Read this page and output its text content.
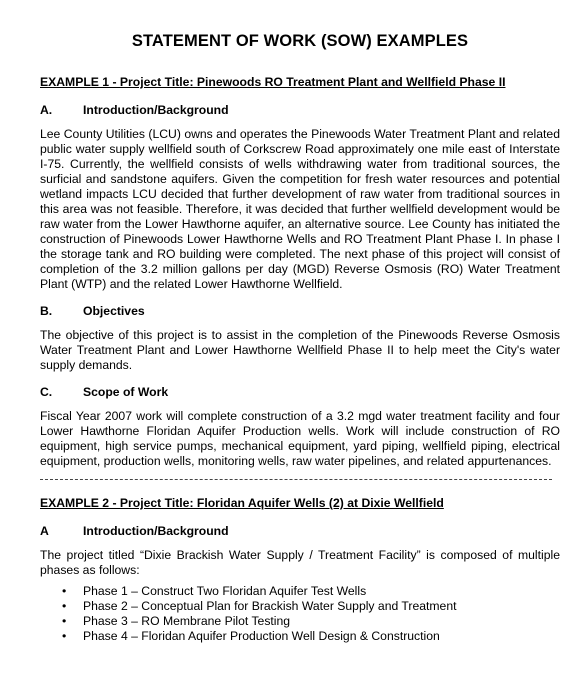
STATEMENT OF WORK (SOW) EXAMPLES
EXAMPLE 1 - Project Title: Pinewoods RO Treatment Plant and Wellfield Phase II
A.	Introduction/Background

Lee County Utilities (LCU) owns and operates the Pinewoods Water Treatment Plant and related public water supply wellfield south of Corkscrew Road approximately one mile east of Interstate I-75. Currently, the wellfield consists of wells withdrawing water from traditional sources, the surficial and sandstone aquifers. Given the competition for fresh water resources and potential wetland impacts LCU decided that further development of raw water from traditional sources in this area was not feasible. Therefore, it was decided that further wellfield development would be raw water from the Lower Hawthorne aquifer, an alternative source. Lee County has initiated the construction of Pinewoods Lower Hawthorne Wells and RO Treatment Plant Phase I. In phase I the storage tank and RO building were completed. The next phase of this project will consist of completion of the 3.2 million gallons per day (MGD) Reverse Osmosis (RO) Water Treatment Plant (WTP) and the related Lower Hawthorne Wellfield.

B.	Objectives

The objective of this project is to assist in the completion of the Pinewoods Reverse Osmosis Water Treatment Plant and Lower Hawthorne Wellfield Phase II to help meet the City's water supply demands.

C.	Scope of Work

Fiscal Year 2007 work will complete construction of a 3.2 mgd water treatment facility and four Lower Hawthorne Floridan Aquifer Production wells. Work will include construction of RO equipment, high service pumps, mechanical equipment, yard piping, wellfield piping, electrical equipment, production wells, monitoring wells, raw water pipelines, and related appurtenances.

EXAMPLE 2 - Project Title: Floridan Aquifer Wells (2) at Dixie Wellfield
A	Introduction/Background

The project titled “Dixie Brackish Water Supply / Treatment Facility” is composed of multiple phases as follows:

•	Phase 1 – Construct Two Floridan Aquifer Test Wells
•	Phase 2 – Conceptual Plan for Brackish Water Supply and Treatment
•	Phase 3 – RO Membrane Pilot Testing
•	Phase 4 – Floridan Aquifer Production Well Design & Construction
